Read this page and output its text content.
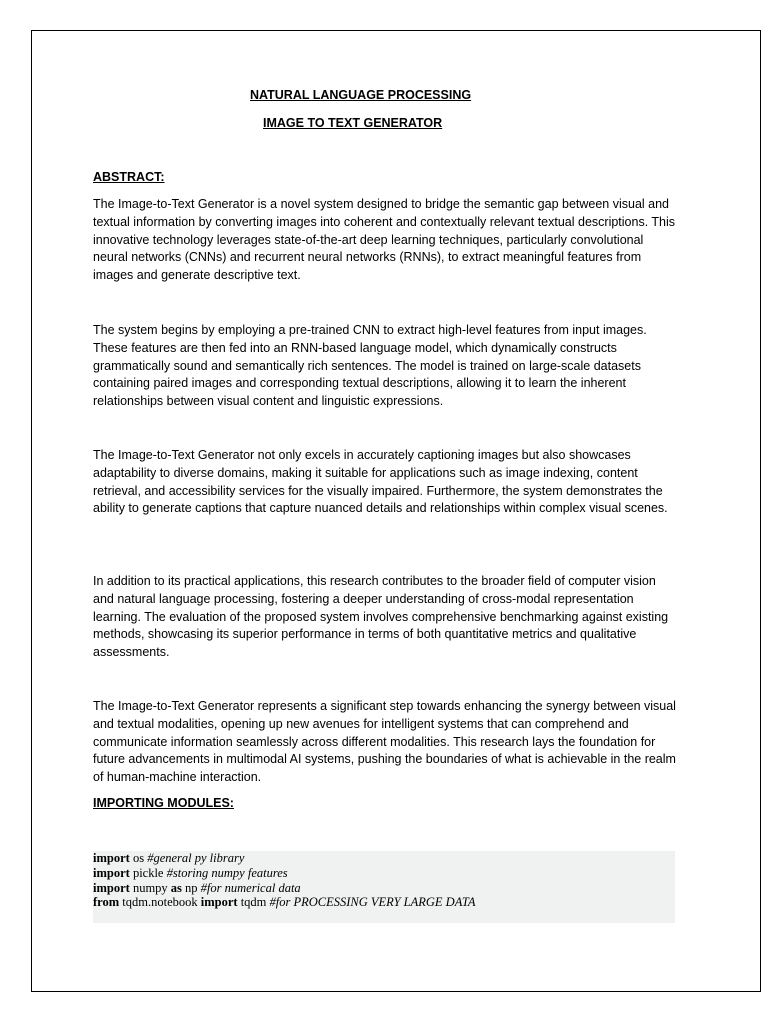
NATURAL LANGUAGE PROCESSING

IMAGE TO TEXT GENERATOR

ABSTRACT:

The Image-to-Text Generator is a novel system designed to bridge the semantic gap between visual and textual information by converting images into coherent and contextually relevant textual descriptions. This innovative technology leverages state-of-the-art deep learning techniques, particularly convolutional neural networks (CNNs) and recurrent neural networks (RNNs), to extract meaningful features from images and generate descriptive text.

The system begins by employing a pre-trained CNN to extract high-level features from input images. These features are then fed into an RNN-based language model, which dynamically constructs grammatically sound and semantically rich sentences. The model is trained on large-scale datasets containing paired images and corresponding textual descriptions, allowing it to learn the inherent relationships between visual content and linguistic expressions.

The Image-to-Text Generator not only excels in accurately captioning images but also showcases adaptability to diverse domains, making it suitable for applications such as image indexing, content retrieval, and accessibility services for the visually impaired. Furthermore, the system demonstrates the ability to generate captions that capture nuanced details and relationships within complex visual scenes.

In addition to its practical applications, this research contributes to the broader field of computer vision and natural language processing, fostering a deeper understanding of cross-modal representation learning. The evaluation of the proposed system involves comprehensive benchmarking against existing methods, showcasing its superior performance in terms of both quantitative metrics and qualitative assessments.

The Image-to-Text Generator represents a significant step towards enhancing the synergy between visual and textual modalities, opening up new avenues for intelligent systems that can comprehend and communicate information seamlessly across different modalities. This research lays the foundation for future advancements in multimodal AI systems, pushing the boundaries of what is achievable in the realm of human-machine interaction.

IMPORTING MODULES:

import os #general py library
import pickle #storing numpy features
import numpy as np #for numerical data
from tqdm.notebook import tqdm #for PROCESSING VERY LARGE DATA
